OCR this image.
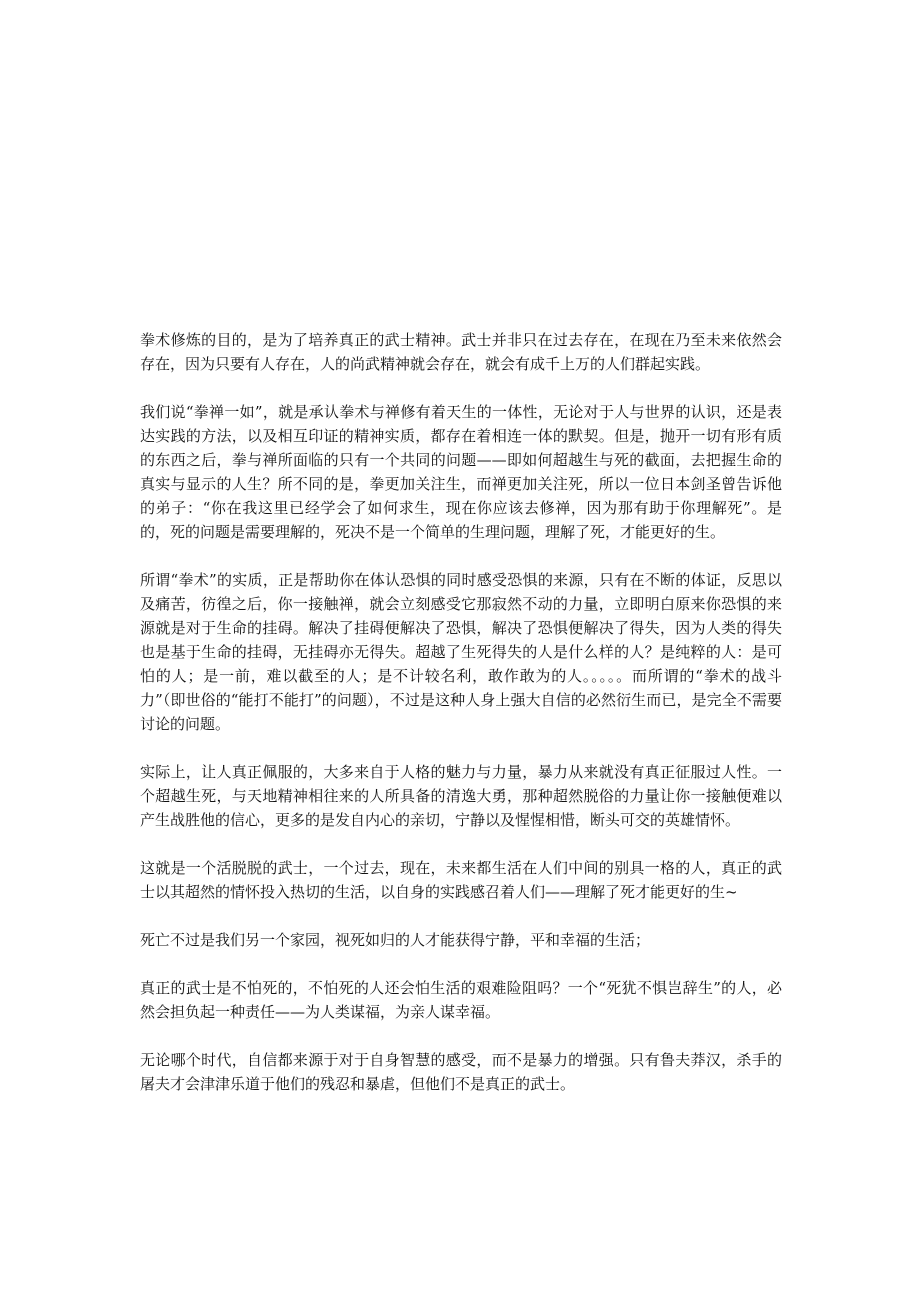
拳术修炼的目的，是为了培养真正的武士精神。武士并非只在过去存在，在现在乃至未来依然会存在，因为只要有人存在，人的尚武精神就会存在，就会有成千上万的人们群起实践。

我们说“拳禅一如”，就是承认拳术与禅修有着天生的一体性，无论对于人与世界的认识，还是表达实践的方法，以及相互印证的精神实质，都存在着相连一体的默契。但是，抛开一切有形有质的东西之后，拳与禅所面临的只有一个共同的问题——即如何超越生与死的截面，去把握生命的真实与显示的人生？所不同的是，拳更加关注生，而禅更加关注死，所以一位日本剑圣曾告诉他的弟子：“你在我这里已经学会了如何求生，现在你应该去修禅，因为那有助于你理解死”。是的，死的问题是需要理解的，死决不是一个简单的生理问题，理解了死，才能更好的生。

所谓“拳术”的实质，正是帮助你在体认恐惧的同时感受恐惧的来源，只有在不断的体证，反思以及痛苦，彷徨之后，你一接触禅，就会立刻感受它那寂然不动的力量，立即明白原来你恐惧的来源就是对于生命的挂碍。解决了挂碍便解决了恐惧，解决了恐惧便解决了得失，因为人类的得失也是基于生命的挂碍，无挂碍亦无得失。超越了生死得失的人是什么样的人？是纯粹的人：是可怕的人；是一前，难以截至的人；是不计较名利，敢作敢为的人。。。。。而所谓的“拳术的战斗力”（即世俗的“能打不能打”的问题），不过是这种人身上强大自信的必然衍生而已，是完全不需要讨论的问题。

实际上，让人真正佩服的，大多来自于人格的魅力与力量，暴力从来就没有真正征服过人性。一个超越生死，与天地精神相往来的人所具备的清逸大勇，那种超然脱俗的力量让你一接触便难以产生战胜他的信心，更多的是发自内心的亲切，宁静以及惺惺相惜，断头可交的英雄情怀。

这就是一个活脱脱的武士，一个过去，现在，未来都生活在人们中间的别具一格的人，真正的武士以其超然的情怀投入热切的生活，以自身的实践感召着人们——理解了死才能更好的生~

死亡不过是我们另一个家园，视死如归的人才能获得宁静，平和幸福的生活；

真正的武士是不怕死的，不怕死的人还会怕生活的艰难险阻吗？一个“死犹不惧岂辞生”的人，必然会担负起一种责任——为人类谋福，为亲人谋幸福。

无论哪个时代，自信都来源于对于自身智慧的感受，而不是暴力的增强。只有鲁夫莽汉，杀手的屠夫才会津津乐道于他们的残忍和暴虐，但他们不是真正的武士。
